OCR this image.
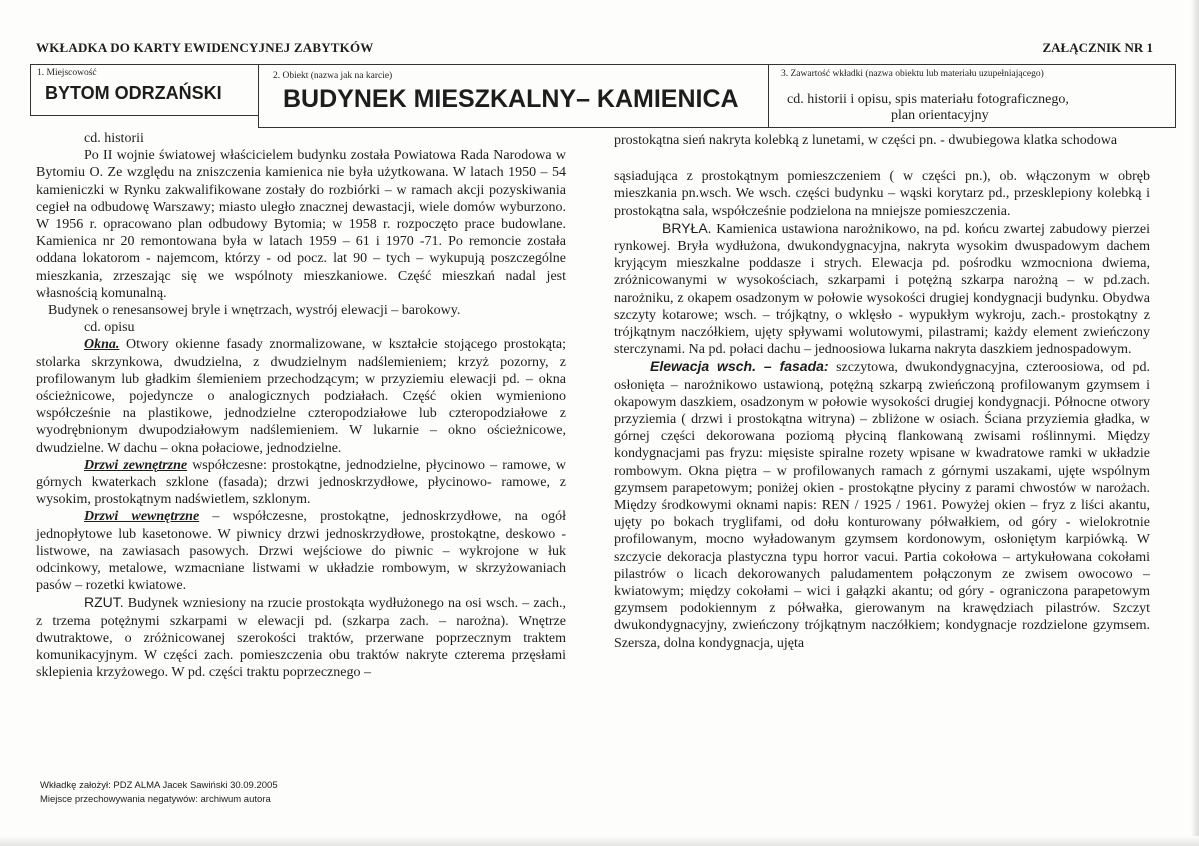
WKŁADKA DO KARTY EWIDENCYJNEJ ZABYTKÓW	ZAŁĄCZNIK NR 1
1. Miejscowość
BYTOM ODRZAŃSKI
2. Obiekt (nazwa jak na karcie)
BUDYNEK MIESZKALNY– KAMIENICA
3. Zawartość wkładki (nazwa obiektu lub materiału uzupełniającego)
cd. historii i opisu, spis materiału fotograficznego,
plan orientacyjny

cd. historii

Po II wojnie światowej właścicielem budynku została Powiatowa Rada Narodowa w Bytomiu O. Ze względu na zniszczenia kamienica nie była użytkowana. W latach 1950 – 54 kamieniczki w Rynku zakwalifikowane zostały do rozbiórki – w ramach akcji pozyskiwania cegieł na odbudowę Warszawy; miasto uległo znacznej dewastacji, wiele domów wyburzono. W 1956 r. opracowano plan odbudowy Bytomia; w 1958 r. rozpoczęto prace budowlane. Kamienica nr 20 remontowana była w latach 1959 – 61 i 1970 -71. Po remoncie została oddana lokatorom - najemcom, którzy - od pocz. lat 90 – tych – wykupują poszczególne mieszkania, zrzeszając się we wspólnoty mieszkaniowe. Część mieszkań nadal jest własnością komunalną.

Budynek o renesansowej bryle i wnętrzach, wystrój elewacji – barokowy.

cd. opisu

Okna. Otwory okienne fasady znormalizowane, w kształcie stojącego prostokąta; stolarka skrzynkowa, dwudzielna, z dwudzielnym nadślemieniem; krzyż pozorny, z profilowanym lub gładkim ślemieniem przechodzącym; w przyziemiu elewacji pd. – okna ościeżnicowe, pojedyncze o analogicznych podziałach. Część okien wymieniono współcześnie na plastikowe, jednodzielne czteropodziałowe lub czteropodziałowe z wyodrębnionym dwupodziałowym nadślemieniem. W lukarnie – okno ościeżnicowe, dwudzielne. W dachu – okna połaciowe, jednodzielne.

Drzwi zewnętrzne współczesne: prostokątne, jednodzielne, płycinowo – ramowe, w górnych kwaterkach szklone (fasada); drzwi jednoskrzydłowe, płycinowo- ramowe, z wysokim, prostokątnym nadświetlem, szklonym.

Drzwi wewnętrzne – współczesne, prostokątne, jednoskrzydłowe, na ogół jednopłytowe lub kasetonowe. W piwnicy drzwi jednoskrzydłowe, prostokątne, deskowo - listwowe, na zawiasach pasowych. Drzwi wejściowe do piwnic – wykrojone w łuk odcinkowy, metalowe, wzmacniane listwami w układzie rombowym, w skrzyżowaniach pasów – rozetki kwiatowe.

RZUT. Budynek wzniesiony na rzucie prostokąta wydłużonego na osi wsch. – zach., z trzema potężnymi szkarpami w elewacji pd. (szkarpa zach. – narożna). Wnętrze dwutraktowe, o zróżnicowanej szerokości traktów, przerwane poprzecznym traktem komunikacyjnym. W części zach. pomieszczenia obu traktów nakryte czterema przęsłami sklepienia krzyżowego. W pd. części traktu poprzecznego –

prostokątna sień nakryta kolebką z lunetami, w części pn. - dwubiegowa klatka schodowa

sąsiadująca z prostokątnym pomieszczeniem ( w części pn.), ob. włączonym w obręb mieszkania pn.wsch. We wsch. części budynku – wąski korytarz pd., przesklepiony kolebką i prostokątna sala, współcześnie podzielona na mniejsze pomieszczenia.

BRYŁA. Kamienica ustawiona narożnikowo, na pd. końcu zwartej zabudowy pierzei rynkowej. Bryła wydłużona, dwukondygnacyjna, nakryta wysokim dwuspadowym dachem kryjącym mieszkalne poddasze i strych. Elewacja pd. pośrodku wzmocniona dwiema, zróżnicowanymi w wysokościach, szkarpami i potężną szkarpa narożną – w pd.zach. narożniku, z okapem osadzonym w połowie wysokości drugiej kondygnacji budynku. Obydwa szczyty kotarowe; wsch. – trójkątny, o wklęsło - wypukłym wykroju, zach.- prostokątny z trójkątnym naczółkiem, ujęty spływami wolutowymi, pilastrami; każdy element zwieńczony sterczynami. Na pd. połaci dachu – jednoosiowa lukarna nakryta daszkiem jednospadowym.

Elewacja wsch. – fasada: szczytowa, dwukondygnacyjna, czteroosiowa, od pd. osłonięta – narożnikowo ustawioną, potężną szkarpą zwieńczoną profilowanym gzymsem i okapowym daszkiem, osadzonym w połowie wysokości drugiej kondygnacji. Północne otwory przyziemia ( drzwi i prostokątna witryna) – zbliżone w osiach. Ściana przyziemia gładka, w górnej części dekorowana poziomą płyciną flankowaną zwisami roślinnymi. Między kondygnacjami pas fryzu: mięsiste spiralne rozety wpisane w kwadratowe ramki w układzie rombowym. Okna piętra – w profilowanych ramach z górnymi uszakami, ujęte wspólnym gzymsem parapetowym; poniżej okien - prostokątne płyciny z parami chwostów w narożach. Między środkowymi oknami napis: REN / 1925 / 1961. Powyżej okien – fryz z liści akantu, ujęty po bokach tryglifami, od dołu konturowany półwałkiem, od góry - wielokrotnie profilowanym, mocno wyładowanym gzymsem kordonowym, osłoniętym karpiówką. W szczycie dekoracja plastyczna typu horror vacui. Partia cokołowa – artykułowana cokołami pilastrów o licach dekorowanych paludamentem połączonym ze zwisem owocowo – kwiatowym; między cokołami – wici i gałązki akantu; od góry - ograniczona parapetowym gzymsem podokiennym z półwałka, gierowanym na krawędziach pilastrów. Szczyt dwukondygnacyjny, zwieńczony trójkątnym naczółkiem; kondygnacje rozdzielone gzymsem. Szersza, dolna kondygnacja, ujęta

Wkładkę założył: PDZ ALMA Jacek Sawiński 30.09.2005
Miejsce przechowywania negatywów: archiwum autora
